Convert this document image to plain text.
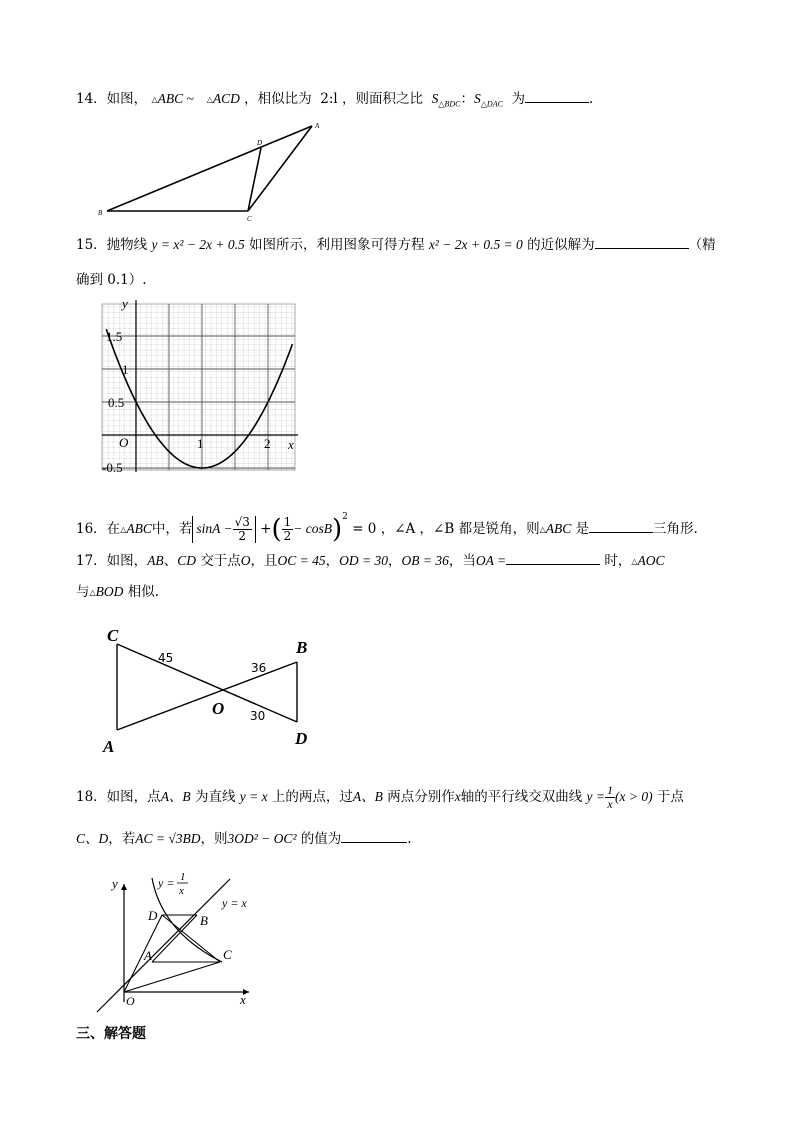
14．如图， △ABC ~ △ACD ，相似比为 2:l ，则面积之比 $S_{\triangle BDC}$：$S_{\triangle DAC}$ 为	.
A
D
B
C
15．抛物线 y = x² − 2x + 0.5 如图所示，利用图象可得方程 x² − 2x + 0.5 = 0 的近似解为	（精
确到 0.1）.
y
x
O
1.5
1
0.5
-0.5
1	2
16．在△ABC中，若 $\sin A - \frac{√3}{2}$ +( $\frac{1}{2} - \cos B)^2 = 0$ ，∠A ，∠B 都是锐角，则△ABC 是	三角形.
17．如图，AB、CD 交于点O，且OC = 45，OD = 30，OB = 36，当OA =	时，△AOC
与△BOD 相似.
C
B
A	D
O
45
36
30
18．如图，点A、B 为直线 y = x 上的两点，过A、B 两点分别作x轴的平行线交双曲线 $y = \frac{1}{x} (x > 0)$ 于点
C、D，若AC = √3BD，则3OD² − OC² 的值为	.
y
x
O
D	B
A	C
y = x
y = 1
x
三、解答题
